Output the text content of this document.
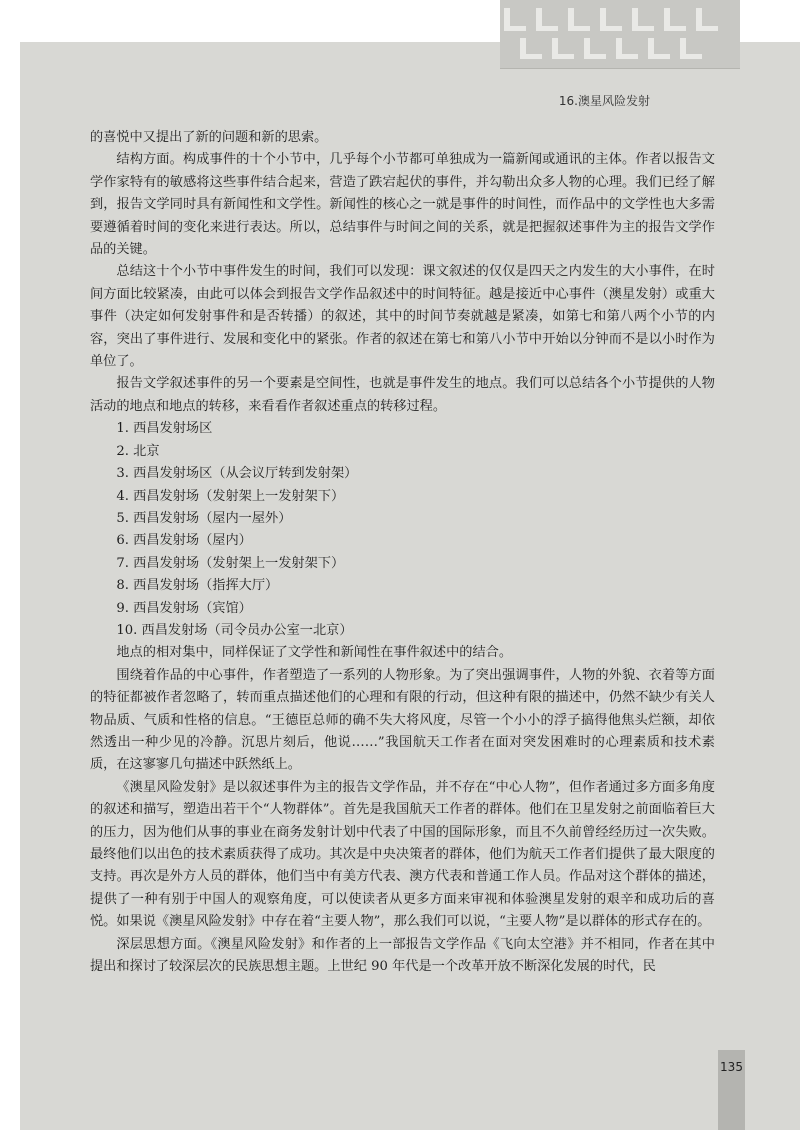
16.澳星风险发射

的喜悦中又提出了新的问题和新的思索。

结构方面。构成事件的十个小节中，几乎每个小节都可单独成为一篇新闻或通讯的主体。作者以报告文学作家特有的敏感将这些事件结合起来，营造了跌宕起伏的事件，并勾勒出众多人物的心理。我们已经了解到，报告文学同时具有新闻性和文学性。新闻性的核心之一就是事件的时间性，而作品中的文学性也大多需要遵循着时间的变化来进行表达。所以，总结事件与时间之间的关系，就是把握叙述事件为主的报告文学作品的关键。

总结这十个小节中事件发生的时间，我们可以发现：课文叙述的仅仅是四天之内发生的大小事件，在时间方面比较紧凑，由此可以体会到报告文学作品叙述中的时间特征。越是接近中心事件（澳星发射）或重大事件（决定如何发射事件和是否转播）的叙述，其中的时间节奏就越是紧凑，如第七和第八两个小节的内容，突出了事件进行、发展和变化中的紧张。作者的叙述在第七和第八小节中开始以分钟而不是以小时作为单位了。

报告文学叙述事件的另一个要素是空间性，也就是事件发生的地点。我们可以总结各个小节提供的人物活动的地点和地点的转移，来看看作者叙述重点的转移过程。

1. 西昌发射场区
2. 北京
3. 西昌发射场区（从会议厅转到发射架）
4. 西昌发射场（发射架上一发射架下）
5. 西昌发射场（屋内一屋外）
6. 西昌发射场（屋内）
7. 西昌发射场（发射架上一发射架下）
8. 西昌发射场（指挥大厅）
9. 西昌发射场（宾馆）
10. 西昌发射场（司令员办公室一北京）

地点的相对集中，同样保证了文学性和新闻性在事件叙述中的结合。

围绕着作品的中心事件，作者塑造了一系列的人物形象。为了突出强调事件，人物的外貌、衣着等方面的特征都被作者忽略了，转而重点描述他们的心理和有限的行动，但这种有限的描述中，仍然不缺少有关人物品质、气质和性格的信息。“王德臣总师的确不失大将风度，尽管一个小小的浮子搞得他焦头烂额，却依然透出一种少见的冷静。沉思片刻后，他说……”我国航天工作者在面对突发困难时的心理素质和技术素质，在这寥寥几句描述中跃然纸上。

《澳星风险发射》是以叙述事件为主的报告文学作品，并不存在“中心人物”，但作者通过多方面多角度的叙述和描写，塑造出若干个“人物群体”。首先是我国航天工作者的群体。他们在卫星发射之前面临着巨大的压力，因为他们从事的事业在商务发射计划中代表了中国的国际形象，而且不久前曾经经历过一次失败。最终他们以出色的技术素质获得了成功。其次是中央决策者的群体，他们为航天工作者们提供了最大限度的支持。再次是外方人员的群体，他们当中有美方代表、澳方代表和普通工作人员。作品对这个群体的描述，提供了一种有别于中国人的观察角度，可以使读者从更多方面来审视和体验澳星发射的艰辛和成功后的喜悦。如果说《澳星风险发射》中存在着“主要人物”，那么我们可以说，“主要人物”是以群体的形式存在的。

深层思想方面。《澳星风险发射》和作者的上一部报告文学作品《飞向太空港》并不相同，作者在其中提出和探讨了较深层次的民族思想主题。上世纪 90 年代是一个改革开放不断深化发展的时代，民

135
